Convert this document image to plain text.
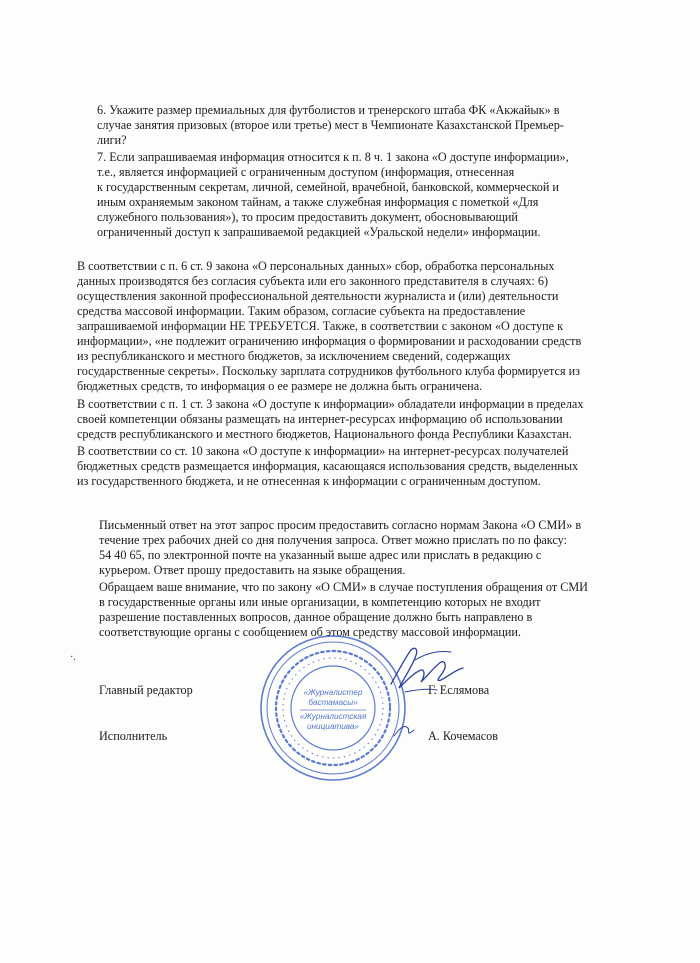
6. Укажите размер премиальных для футболистов и тренерского штаба ФК «Акжайык» в
случае занятия призовых (второе или третье) мест в Чемпионате Казахстанской Премьер-
лиги?
7. Если запрашиваемая информация относится к п. 8 ч. 1 закона «О доступе информации»,
т.е., является информацией с ограниченным доступом (информация, отнесенная
к государственным секретам, личной, семейной, врачебной, банковской, коммерческой и
иным охраняемым законом тайнам, а также служебная информация с пометкой «Для
служебного пользования»), то просим предоставить документ, обосновывающий
ограниченный доступ к запрашиваемой редакцией «Уральской недели» информации.
В соответствии с п. 6 ст. 9 закона «О персональных данных» сбор, обработка персональных
данных производятся без согласия субъекта или его законного представителя в случаях: 6)
осуществления законной профессиональной деятельности журналиста и (или) деятельности
средства массовой информации. Таким образом, согласие субъекта на предоставление
запрашиваемой информации НЕ ТРЕБУЕТСЯ. Также, в соответствии с законом «О доступе к
информации», «не подлежит ограничению информация о формировании и расходовании средств
из республиканского и местного бюджетов, за исключением сведений, содержащих
государственные секреты». Поскольку зарплата сотрудников футбольного клуба формируется из
бюджетных средств, то информация о ее размере не должна быть ограничена.
В соответствии с п. 1 ст. 3 закона «О доступе к информации» обладатели информации в пределах
своей компетенции обязаны размещать на интернет-ресурсах информацию об использовании
средств республиканского и местного бюджетов, Национального фонда Республики Казахстан.
В соответствии со ст. 10 закона «О доступе к информации» на интернет-ресурсах получателей
бюджетных средств размещается информация, касающаяся использования средств, выделенных
из государственного бюджета, и не отнесенная к информации с ограниченным доступом.
Письменный ответ на этот запрос просим предоставить согласно нормам Закона «О СМИ» в
течение трех рабочих дней со дня получения запроса. Ответ можно прислать по по факсу:
54 40 65, по электронной почте на указанный выше адрес или прислать в редакцию с
курьером. Ответ прошу предоставить на языке обращения.
Обращаем ваше внимание, что по закону «О СМИ» в случае поступления обращения от СМИ
в государственные органы или иные организации, в компетенцию которых не входит
разрешение поставленных вопросов, данное обращение должно быть направлено в
соответствующие органы с сообщением об этом средству массовой информации.
·.
Главный редактор	Г. Еслямова
Исполнитель	А. Кочемасов
«Журналистер
бастамасы»
«Журналистская
инициатива»
